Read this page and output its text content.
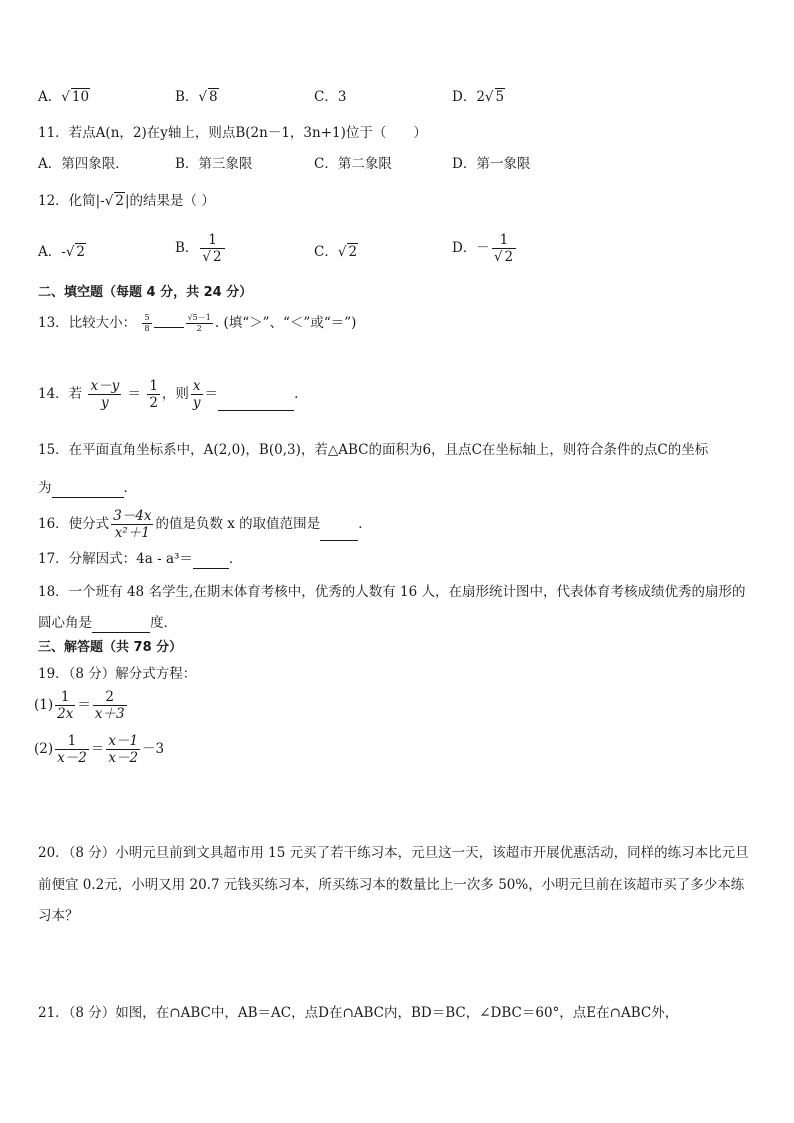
A．√ 10	B．√ 8	C．3	D．2√ 5
11．若点A(n，2)在y轴上，则点B(2n－1，3n+1)位于（　　）
A．第四象限．	B．第三象限	C．第二象限	D．第一象限
12．化简|-√ 2|的结果是（ ）
A．-√ 2	B． $\frac{1}{√ 2}$	C．√ 2	D．－ $\frac{1}{√ 2}$
二、填空题（每题 4 分，共 24 分）
13．比较大小： $\frac{5}{8}$	$\frac{√5-1}{2}$ . (填“＞”、“＜”或“＝”)
14．若 $\frac{x-y}{y} = \frac{1}{2}$ ，则 $\frac{x}{y}$ ＝	.
15．在平面直角坐标系中，A(2,0)，B(0,3)，若△ABC的面积为6，且点C在坐标轴上，则符合条件的点C的坐标
为	．
16．使分式 $\frac{3-4x}{\text{x²＋1}}$ 的值是负数 x 的取值范围是	．
17．分解因式：4a - a³＝	．
18．一个班有 48 名学生,在期末体育考核中，优秀的人数有 16 人，在扇形统计图中，代表体育考核成绩优秀的扇形的
圆心角是	度．
三、解答题（共 78 分）
19．（8 分）解分式方程：
$(1) \frac{1}{2x} = \frac{2}{x+3}$
$(2) \frac{1}{x-2} = \frac{x-1}{x-2} -3$
20．（8 分）小明元旦前到文具超市用 15 元买了若干练习本，元旦这一天，该超市开展优惠活动，同样的练习本比元旦
前便宜 0.2元，小明又用 20.7 元钱买练习本，所买练习本的数量比上一次多 50%，小明元旦前在该超市买了多少本练
习本？
21．（8 分）如图，在∩ABC中，AB＝AC，点D在∩ABC内，BD＝BC，∠DBC＝60°，点E在∩ABC外，
